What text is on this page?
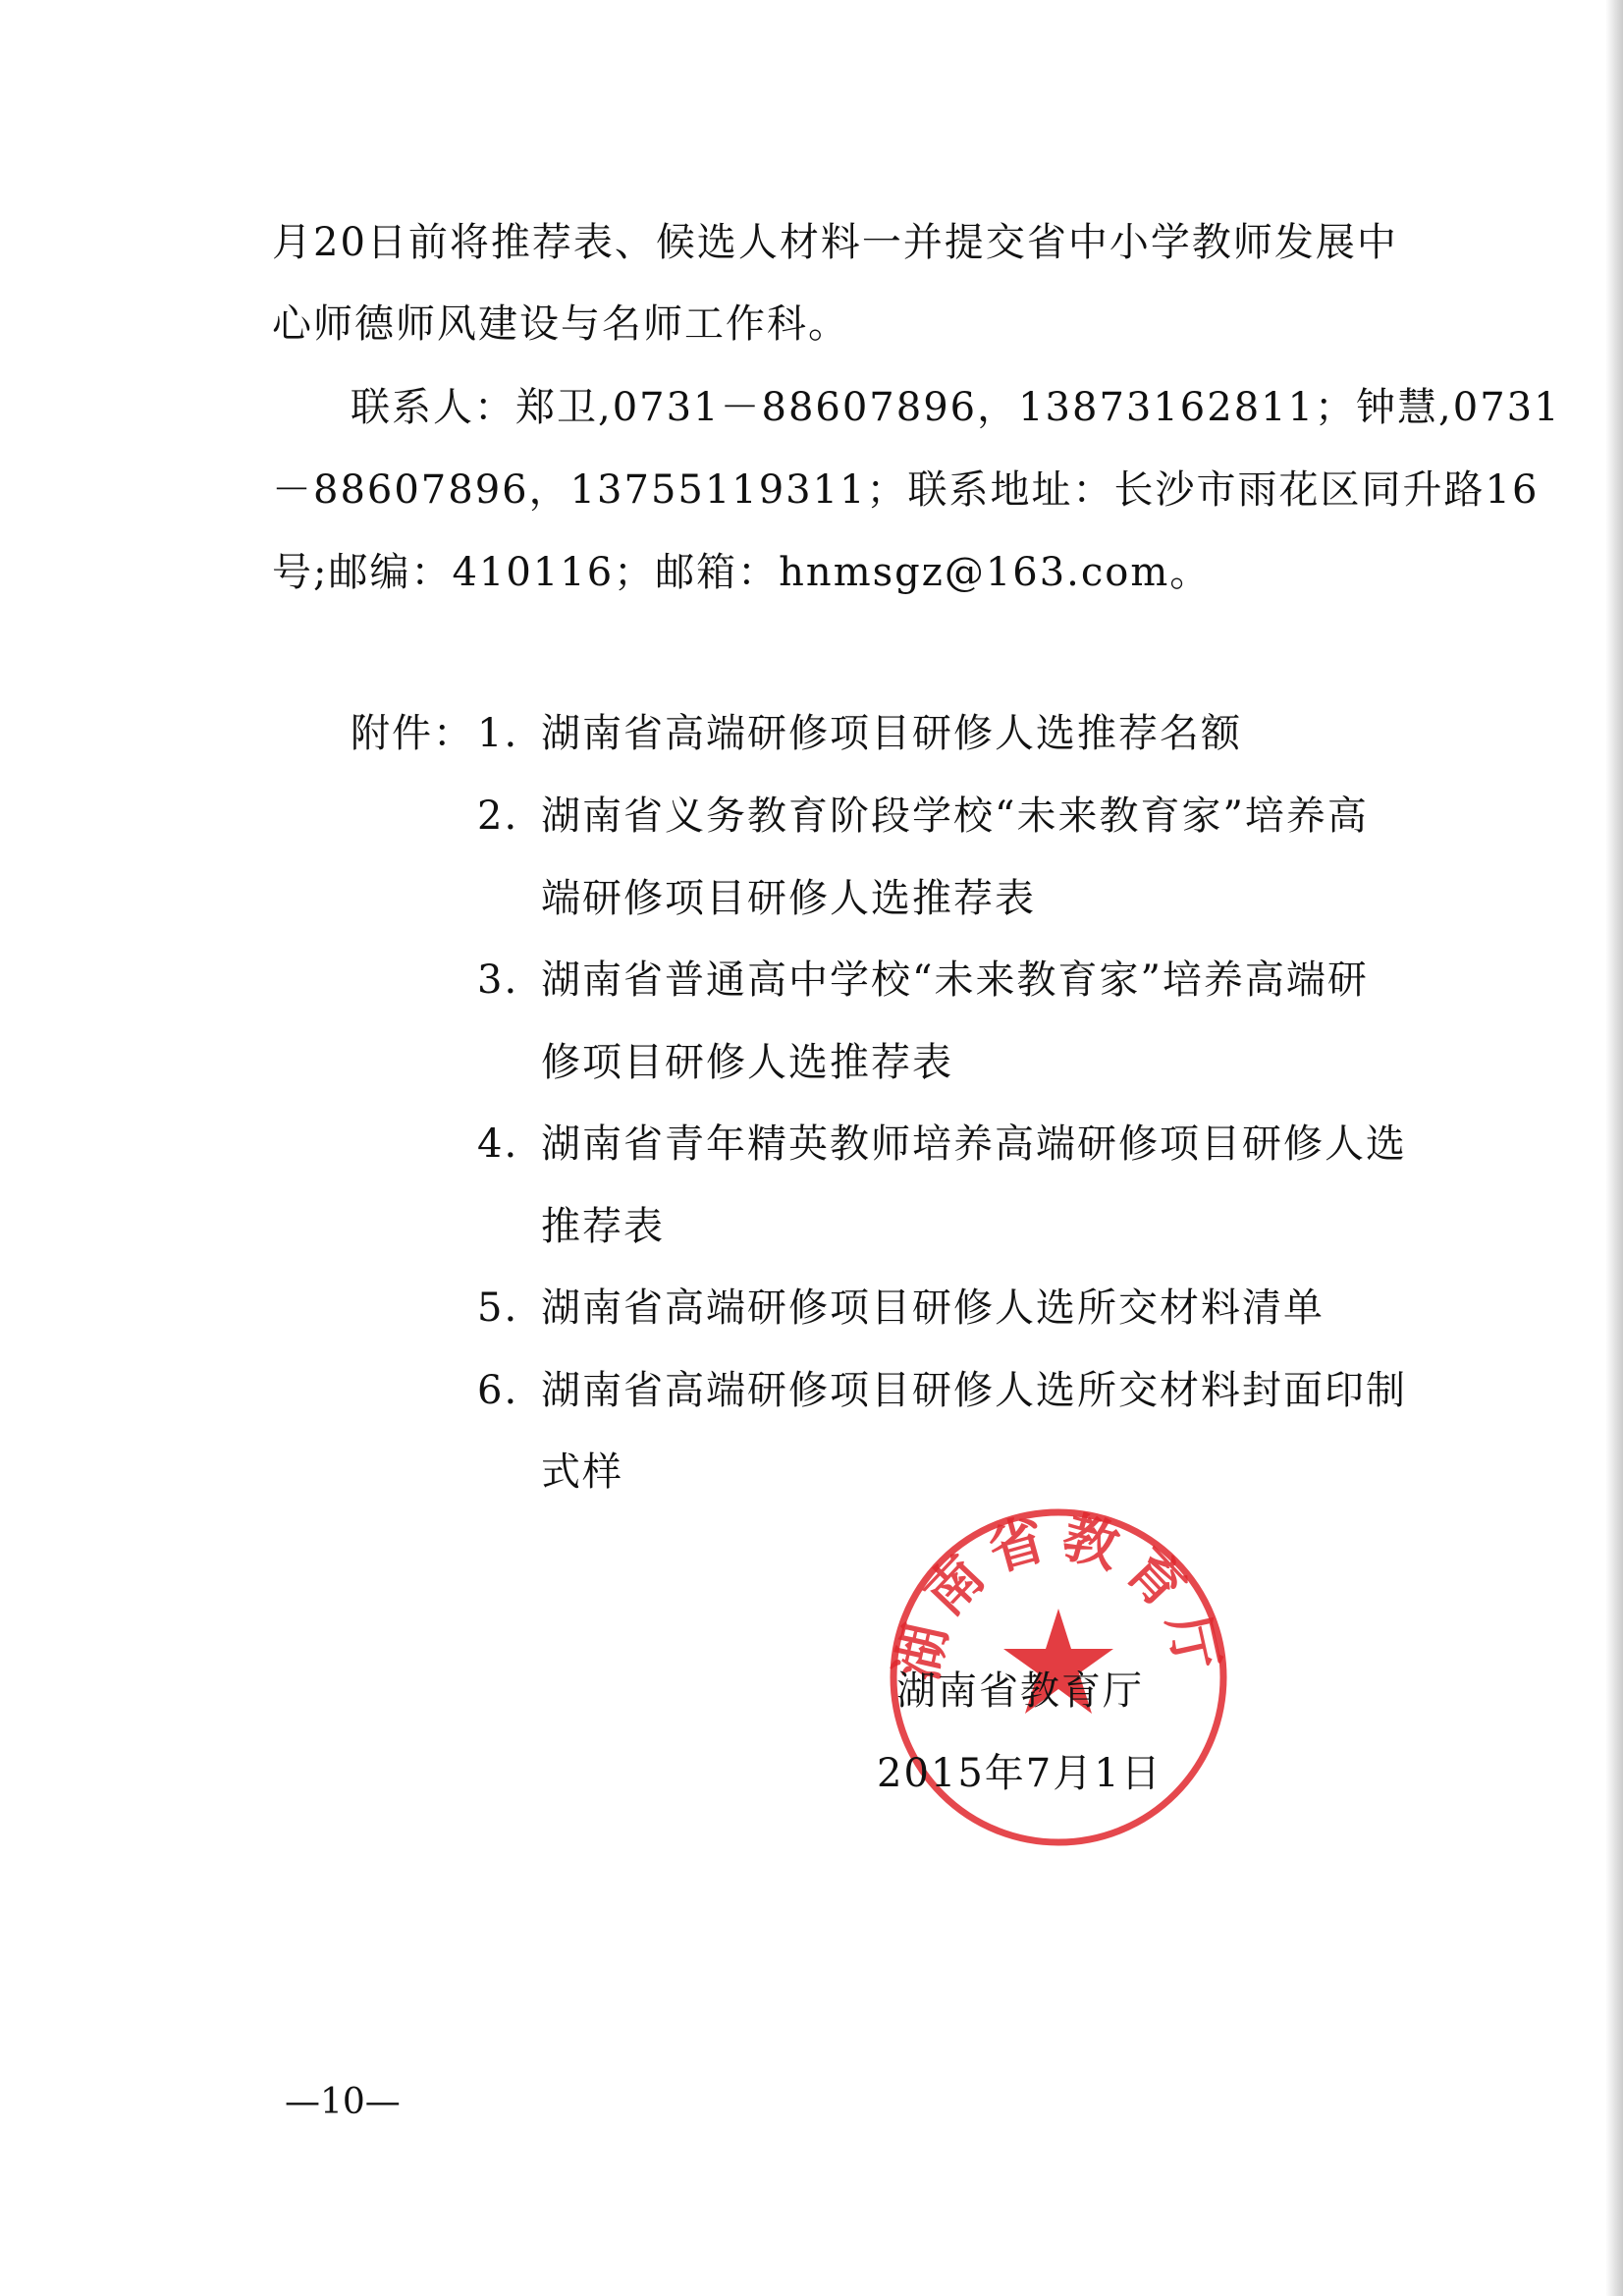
月20日前将推荐表、候选人材料一并提交省中小学教师发展中
心师德师风建设与名师工作科。
联系人：郑卫,0731－88607896，13873162811；钟慧,0731
－88607896，13755119311；联系地址：长沙市雨花区同升路16
号;邮编：410116；邮箱：hnmsgz@163.com。
附件： 1. 湖南省高端研修项目研修人选推荐名额
2. 湖南省义务教育阶段学校“未来教育家”培养高
端研修项目研修人选推荐表
3. 湖南省普通高中学校“未来教育家”培养高端研
修项目研修人选推荐表
4. 湖南省青年精英教师培养高端研修项目研修人选
推荐表
5. 湖南省高端研修项目研修人选所交材料清单
6. 湖南省高端研修项目研修人选所交材料封面印制
式样
湖南省教育厅
湖南省教育厅
2015年7月1日
—10—
